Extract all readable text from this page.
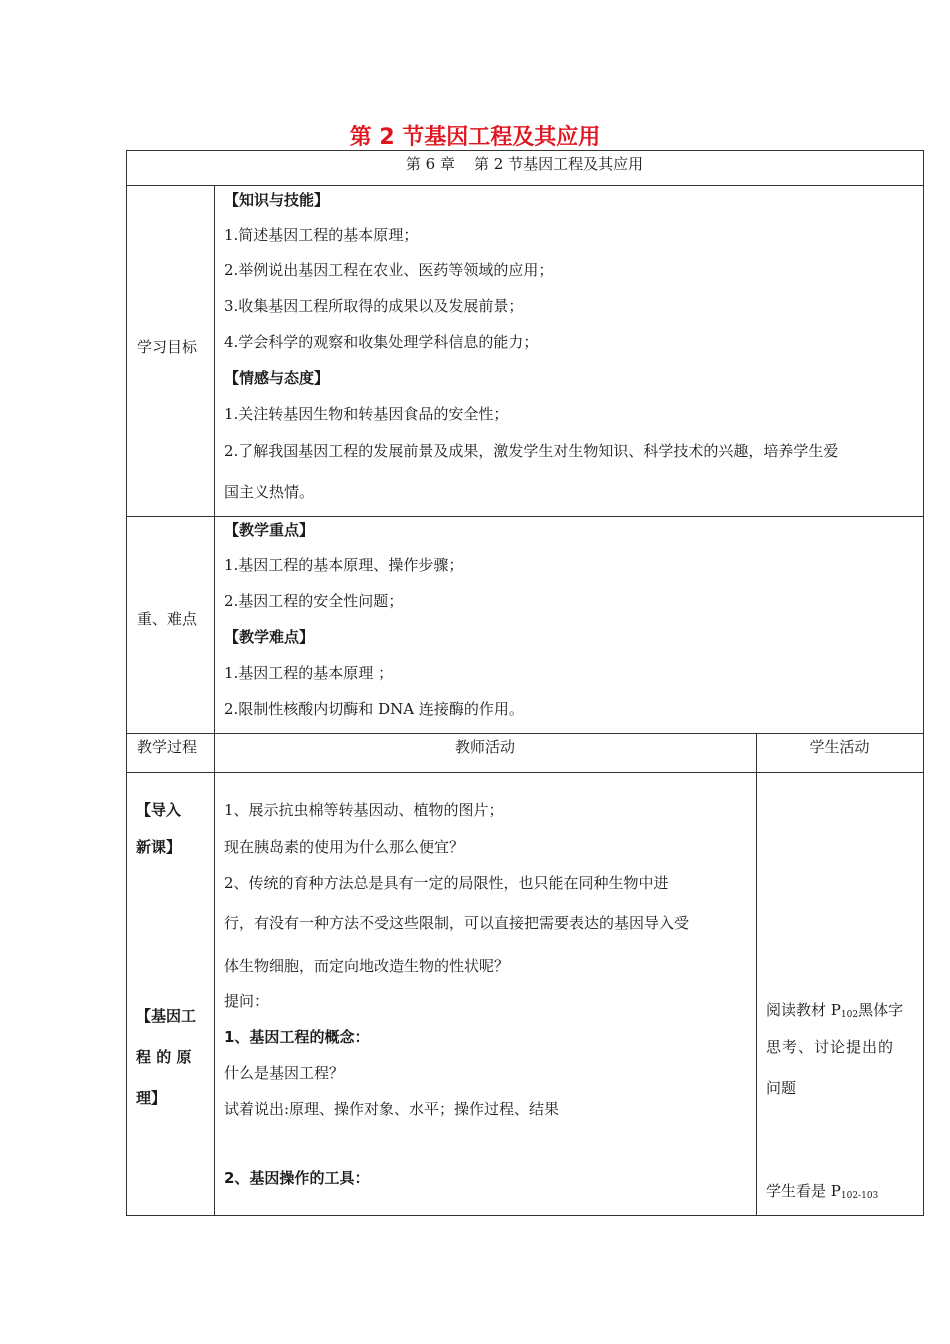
第 2 节基因工程及其应用
第 6 章    第 2 节基因工程及其应用
学习目标
【知识与技能】
1.简述基因工程的基本原理；
2.举例说出基因工程在农业、医药等领域的应用；
3.收集基因工程所取得的成果以及发展前景；
4.学会科学的观察和收集处理学科信息的能力；
【情感与态度】
1.关注转基因生物和转基因食品的安全性；
2.了解我国基因工程的发展前景及成果，激发学生对生物知识、科学技术的兴趣，培养学生爱
国主义热情。
重、难点
【教学重点】
1.基因工程的基本原理、操作步骤；
2.基因工程的安全性问题；
【教学难点】
1.基因工程的基本原理 ；
2.限制性核酸内切酶和 DNA 连接酶的作用。
教学过程	教师活动	学生活动
【导入
新课】
【基因工
程 的 原
理】
1、展示抗虫棉等转基因动、植物的图片；
现在胰岛素的使用为什么那么便宜？
2、传统的育种方法总是具有一定的局限性，也只能在同种生物中进
行，有没有一种方法不受这些限制，可以直接把需要表达的基因导入受
体生物细胞，而定向地改造生物的性状呢？
提问：
1、基因工程的概念：
什么是基因工程？
试着说出:原理、操作对象、水平；操作过程、结果
2、基因操作的工具：
阅读教材 $P_{102}$黑体字
思考、讨论提出的
问题
学生看是 $P_{102-103}$
